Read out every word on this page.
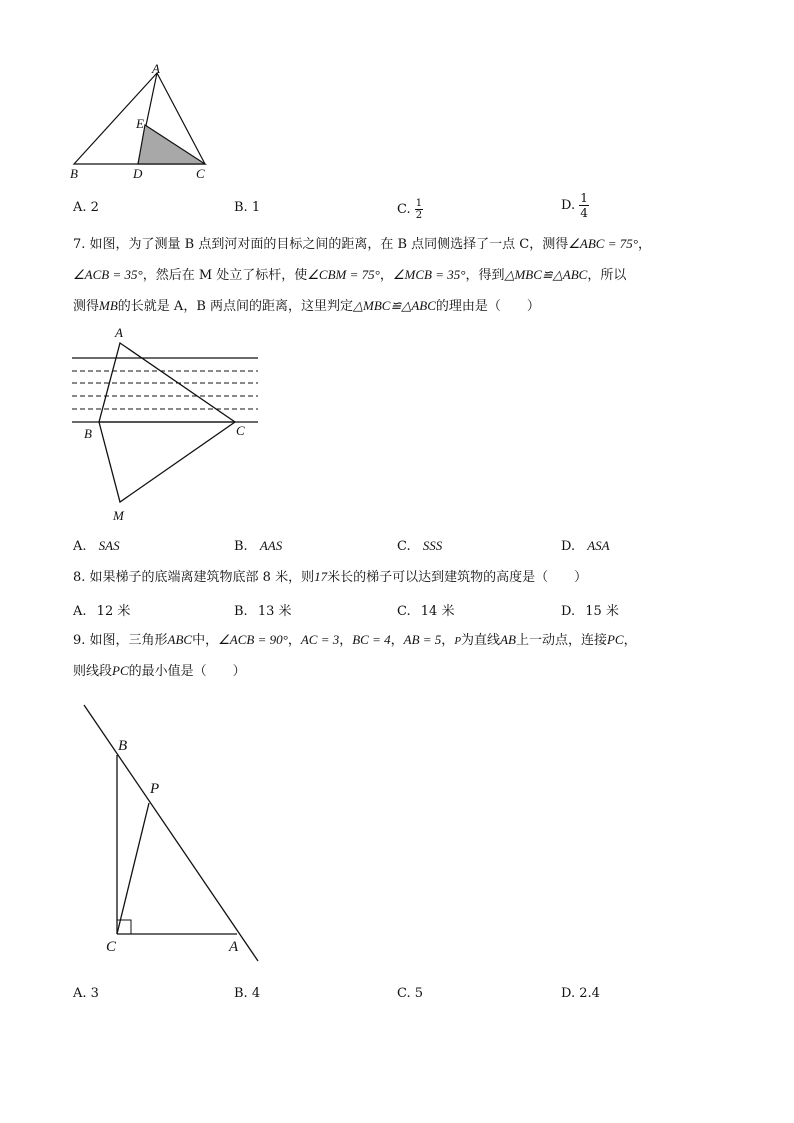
A
E
B	D	C
A. 2	B. 1	C. $\frac{1}{2}$	D. $\frac{1}{4}$
7. 如图，为了测量 B 点到河对面的目标之间的距离，在 B 点同侧选择了一点 C，测得∠ABC = 75°，
∠ACB = 35°，然后在 M 处立了标杆，使∠CBM = 75°，∠MCB = 35°，得到△MBC≌△ABC，所以
测得MB的长就是 A，B 两点间的距离，这里判定△MBC≌△ABC的理由是（　　）
A
B	C
M
A. SAS	B. AAS	C. SSS	D. ASA
8. 如果梯子的底端离建筑物底部 8 米，则17米长的梯子可以达到建筑物的高度是（　　）
A. 12 米	B. 13 米	C. 14 米	D. 15 米
9. 如图，三角形ABC中，∠ACB = 90°，AC = 3，BC = 4，AB = 5，P为直线AB上一动点，连接PC，
则线段PC的最小值是（　　）
B
P
C	A
A. 3	B. 4	C. 5	D. 2.4
